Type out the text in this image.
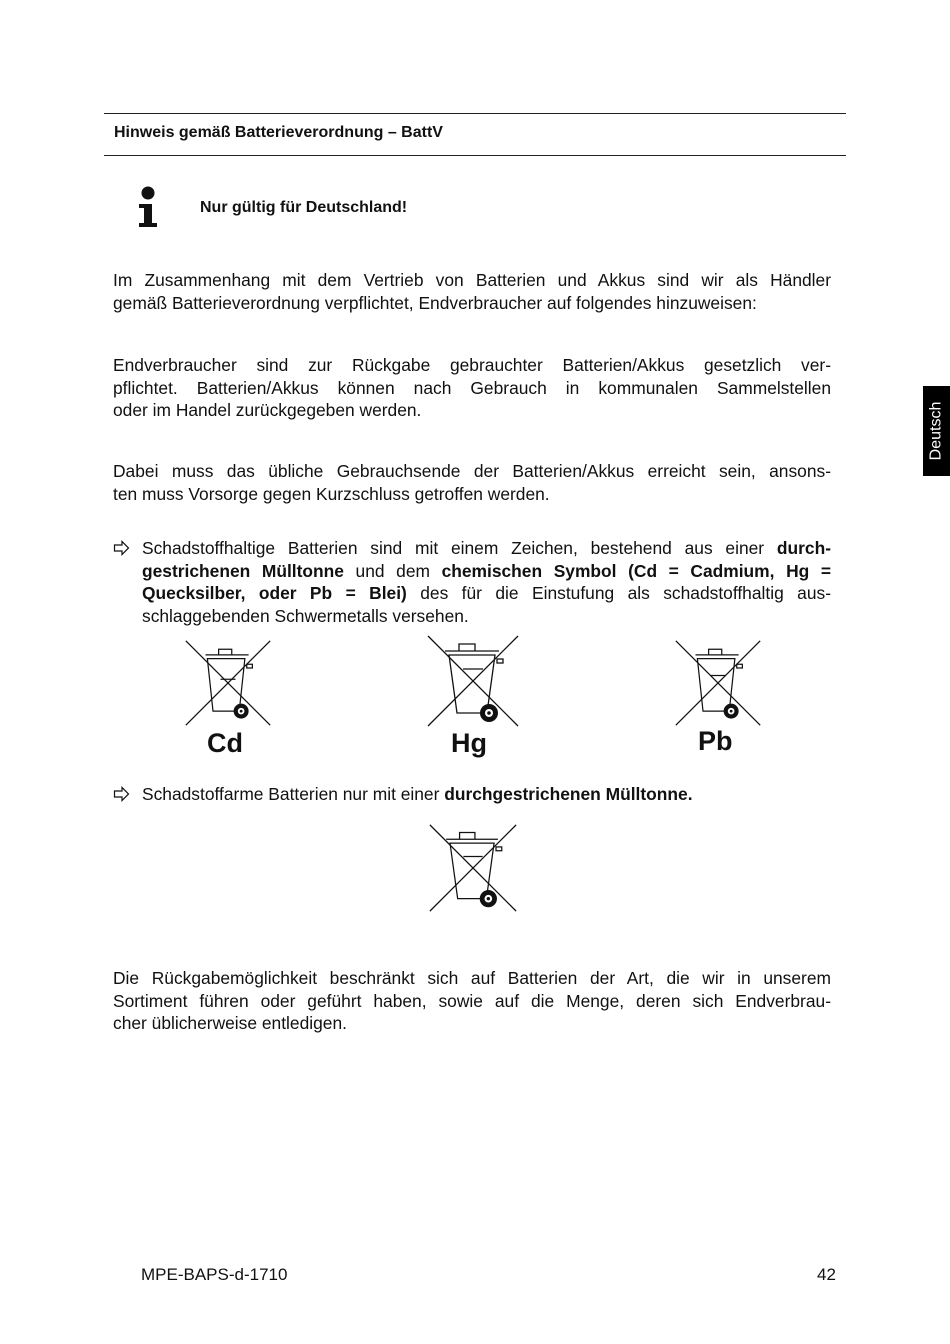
Hinweis gemäß Batterieverordnung – BattV
Nur gültig für Deutschland!
Im Zusammenhang mit dem Vertrieb von Batterien und Akkus sind wir als Händler
gemäß Batterieverordnung verpflichtet, Endverbraucher auf folgendes hinzuweisen:
Endverbraucher sind zur Rückgabe gebrauchter Batterien/Akkus gesetzlich ver-
pflichtet. Batterien/Akkus können nach Gebrauch in kommunalen Sammelstellen
oder im Handel zurückgegeben werden.
Dabei muss das übliche Gebrauchsende der Batterien/Akkus erreicht sein, ansons-
ten muss Vorsorge gegen Kurzschluss getroffen werden.
Schadstoffhaltige Batterien sind mit einem Zeichen, bestehend aus einer durch-
gestrichenen Mülltonne und dem chemischen Symbol (Cd = Cadmium, Hg =
Quecksilber, oder Pb = Blei) des für die Einstufung als schadstoffhaltig aus-
schlaggebenden Schwermetalls versehen.
Cd	Hg	Pb
Schadstoffarme Batterien nur mit einer durchgestrichenen Mülltonne.
Die Rückgabemöglichkeit beschränkt sich auf Batterien der Art, die wir in unserem
Sortiment führen oder geführt haben, sowie auf die Menge, deren sich Endverbrau-
cher üblicherweise entledigen.
Deutsch
MPE-BAPS-d-1710	42
